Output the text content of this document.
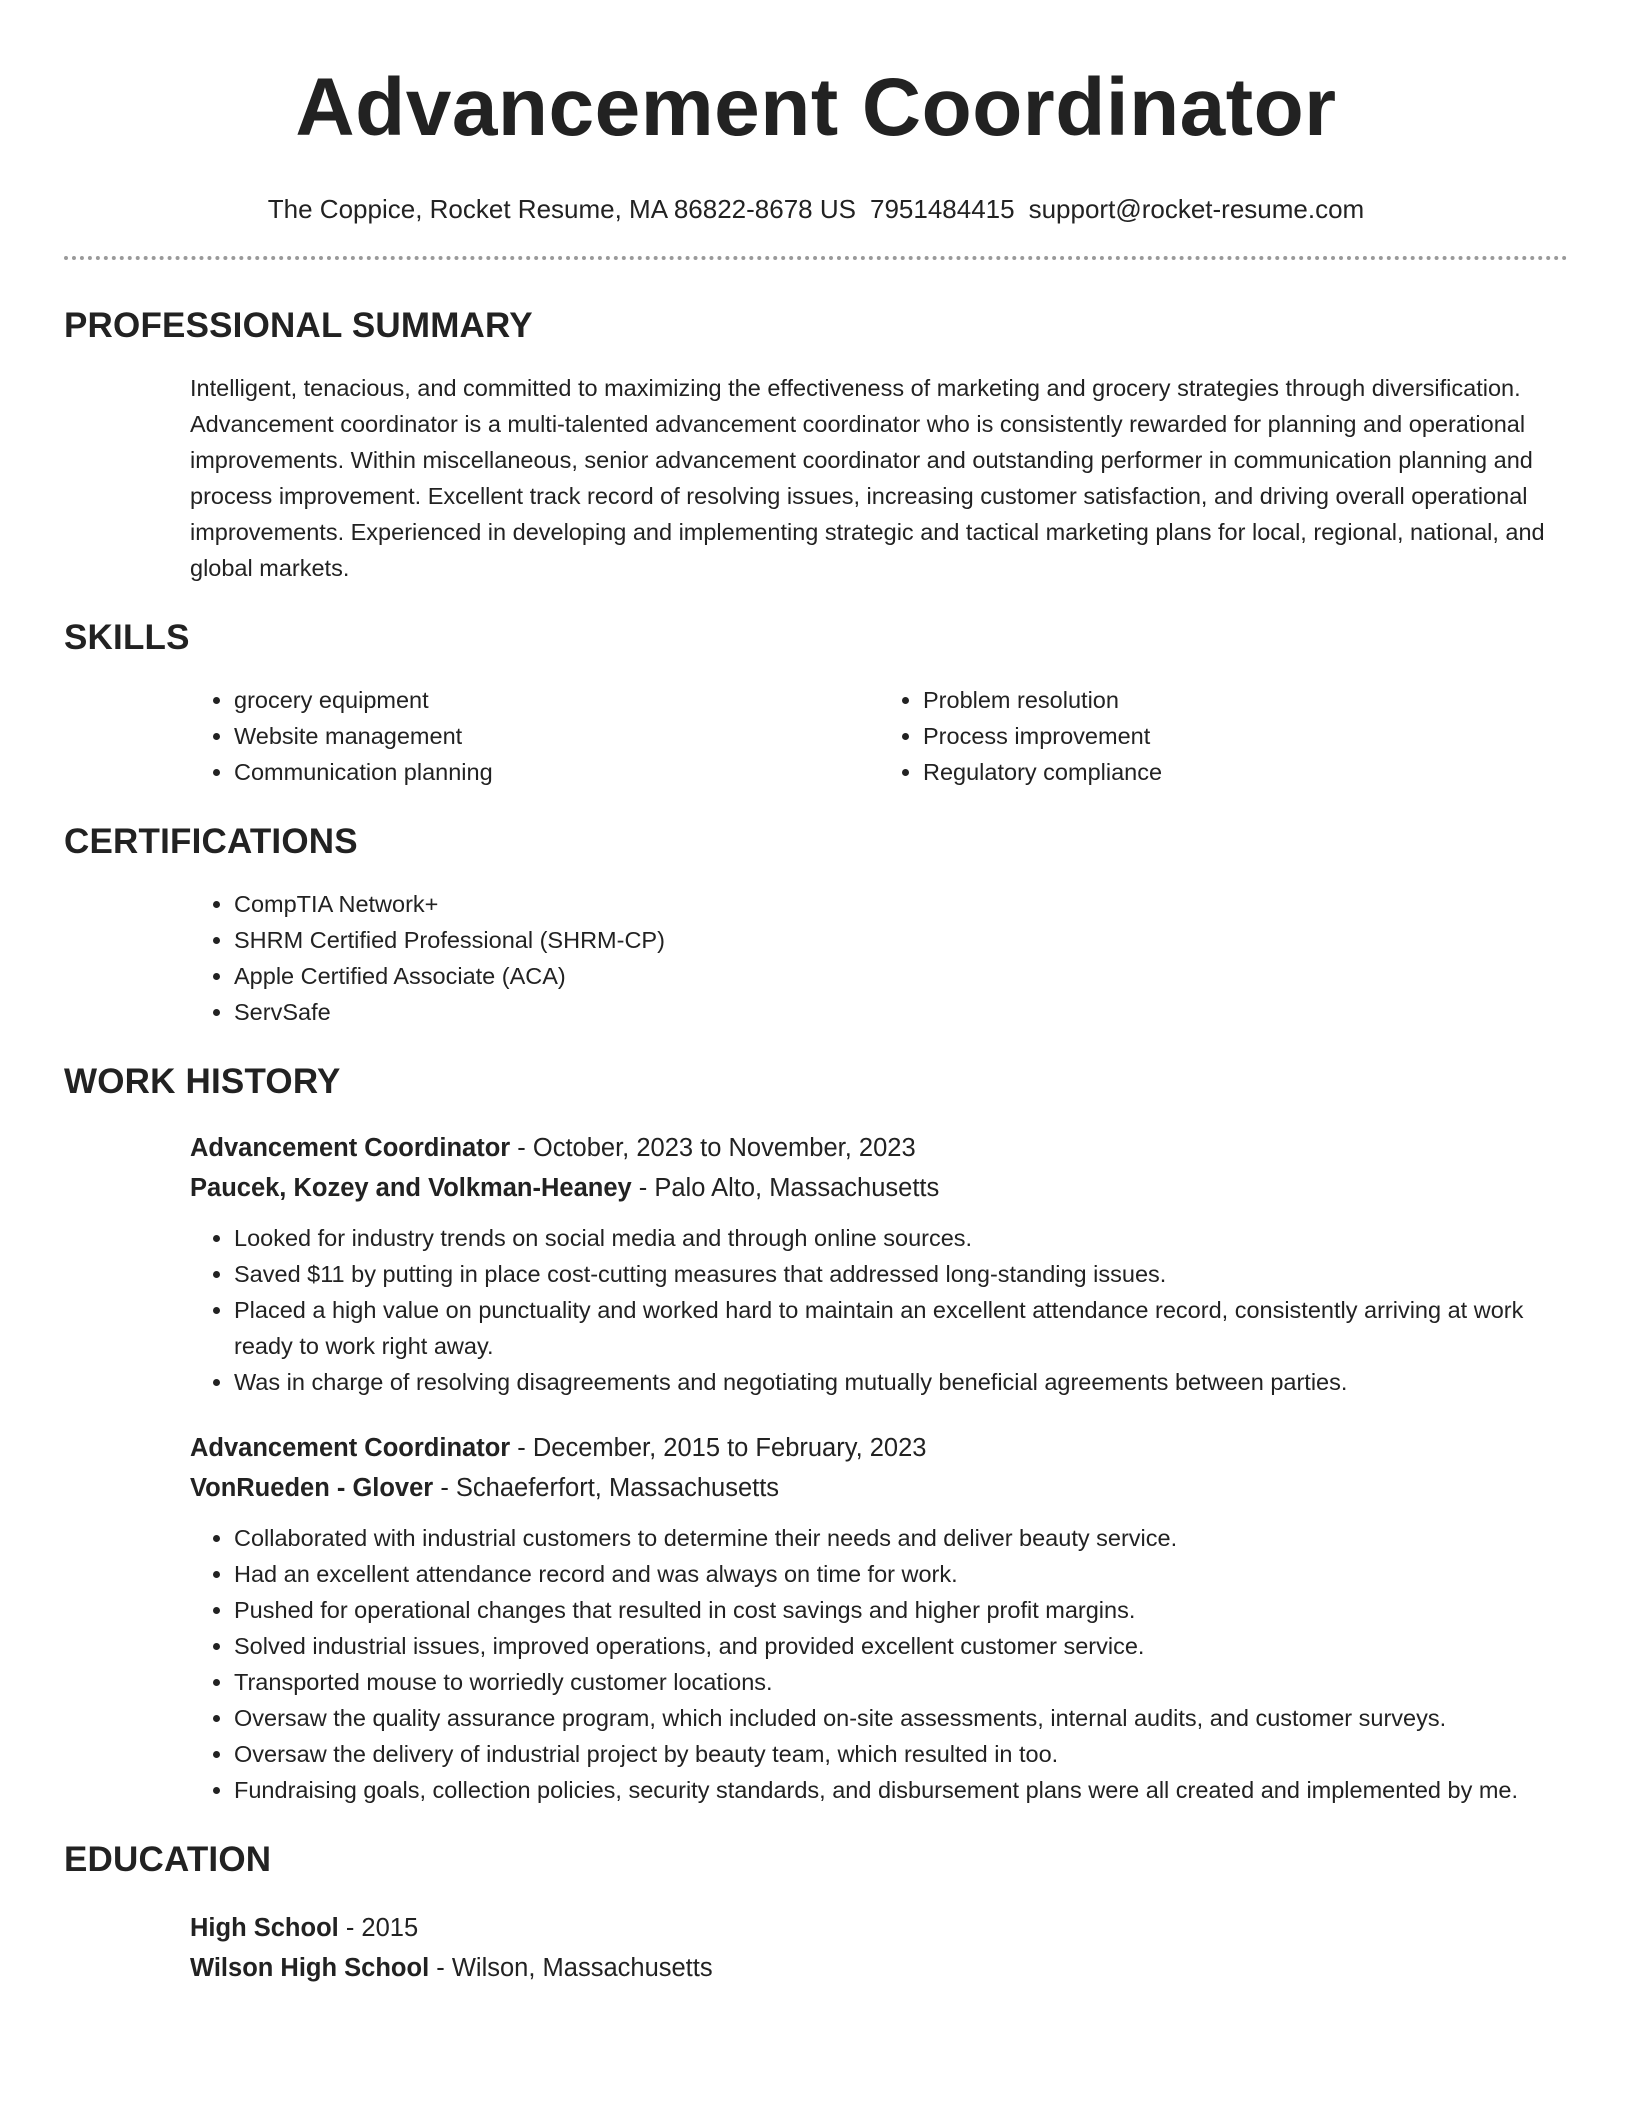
Advancement Coordinator
The Coppice, Rocket Resume, MA 86822-8678 US 7951484415 support@rocket-resume.com
PROFESSIONAL SUMMARY

Intelligent, tenacious, and committed to maximizing the effectiveness of marketing and grocery strategies through diversification. Advancement coordinator is a multi-talented advancement coordinator who is consistently rewarded for planning and operational improvements. Within miscellaneous, senior advancement coordinator and outstanding performer in communication planning and process improvement. Excellent track record of resolving issues, increasing customer satisfaction, and driving overall operational improvements. Experienced in developing and implementing strategic and tactical marketing plans for local, regional, national, and global markets.

SKILLS
• grocery equipment
• Website management
• Communication planning
• Problem resolution
• Process improvement
• Regulatory compliance
CERTIFICATIONS
• CompTIA Network+
• SHRM Certified Professional (SHRM-CP)
• Apple Certified Associate (ACA)
• ServSafe
WORK HISTORY
Advancement Coordinator - October, 2023 to November, 2023
Paucek, Kozey and Volkman-Heaney - Palo Alto, Massachusetts
• Looked for industry trends on social media and through online sources.
• Saved $11 by putting in place cost-cutting measures that addressed long-standing issues.
• Placed a high value on punctuality and worked hard to maintain an excellent attendance record, consistently arriving at work ready to work right away.
• Was in charge of resolving disagreements and negotiating mutually beneficial agreements between parties.
Advancement Coordinator - December, 2015 to February, 2023
VonRueden - Glover - Schaeferfort, Massachusetts
• Collaborated with industrial customers to determine their needs and deliver beauty service.
• Had an excellent attendance record and was always on time for work.
• Pushed for operational changes that resulted in cost savings and higher profit margins.
• Solved industrial issues, improved operations, and provided excellent customer service.
• Transported mouse to worriedly customer locations.
• Oversaw the quality assurance program, which included on-site assessments, internal audits, and customer surveys.
• Oversaw the delivery of industrial project by beauty team, which resulted in too.
• Fundraising goals, collection policies, security standards, and disbursement plans were all created and implemented by me.
EDUCATION
High School - 2015
Wilson High School - Wilson, Massachusetts
